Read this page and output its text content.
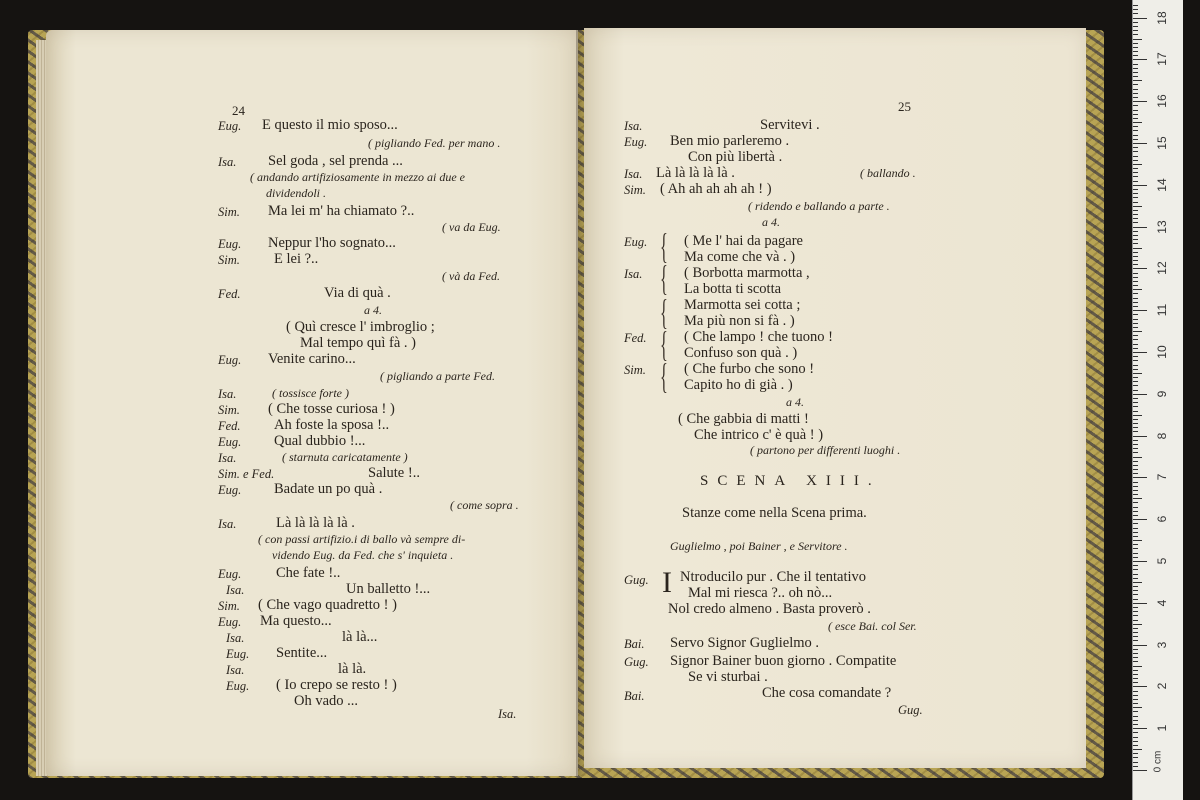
24
Eug. E questo il mio sposo...
( pigliando Fed. per mano .
Isa. Sel goda , sel prenda ...
( andando artifiziosamente in mezzo ai due e
dividendoli .
Sim. Ma lei m' ha chiamato ?..
( va da Eug.
Eug. Neppur l'ho sognato...
Sim. E lei ?..
( và da Fed.
Fed.	Via di quà .
a 4.
( Quì cresce l' imbroglio ;
Mal tempo quì fà . )
Eug. Venite carino...
( pigliando a parte Fed.
Isa.	( tossisce forte )
Sim. ( Che tosse curiosa ! )
Fed. Ah foste la sposa !..
Eug. Qual dubbio !...
Isa.	( starnuta caricatamente )
Sim. e Fed.	Salute !..
Eug. Badate un po quà .
( come sopra .
Isa.	Là là là là là .
( con passi artifizio.i di ballo và sempre di-
videndo Eug. da Fed. che s' inquieta .
Eug. Che fate !..
Isa.	Un balletto !...
Sim. ( Che vago quadretto ! )
Eug. Ma questo...
Isa.	là là...
Eug. Sentite...
Isa.	là là.
Eug. ( Io crepo se resto ! )
Oh vado ...
Isa.
25
Isa.	Servitevi .
Eug. Ben mio parleremo .
Con più libertà .
Isa. Là là là là là .	( ballando .
Sim. ( Ah ah ah ah ah ! )
( ridendo e ballando a parte .
a 4.
Eug. { ( Me l' hai da pagare
Ma come che và . )
Isa. { ( Borbotta marmotta ,
La botta ti scotta
{ Marmotta sei cotta ;
Ma più non si fà . )
Fed. { ( Che lampo ! che tuono !
Confuso son quà . )
Sim. { ( Che furbo che sono !
Capito ho di già . )
a 4.
( Che gabbia di matti !
Che intrico c' è quà ! )
( partono per differenti luoghi .
SCENA XIII.
Stanze come nella Scena prima.
Guglielmo , poi Bainer , e Servitore .
Gug. I Ntroducilo pur . Che il tentativo
Mal mi riesca ?.. oh nò...
Nol credo almeno . Basta proverò .
( esce Bai. col Ser.
Bai. Servo Signor Guglielmo .
Gug. Signor Bainer buon giorno . Compatite
Se vi sturbai .
Bai.	Che cosa comandate ?
Gug.
0 cm
1
2
3
4
5
6
7
8
9
10
11
12
13
14
15
16
17
18
